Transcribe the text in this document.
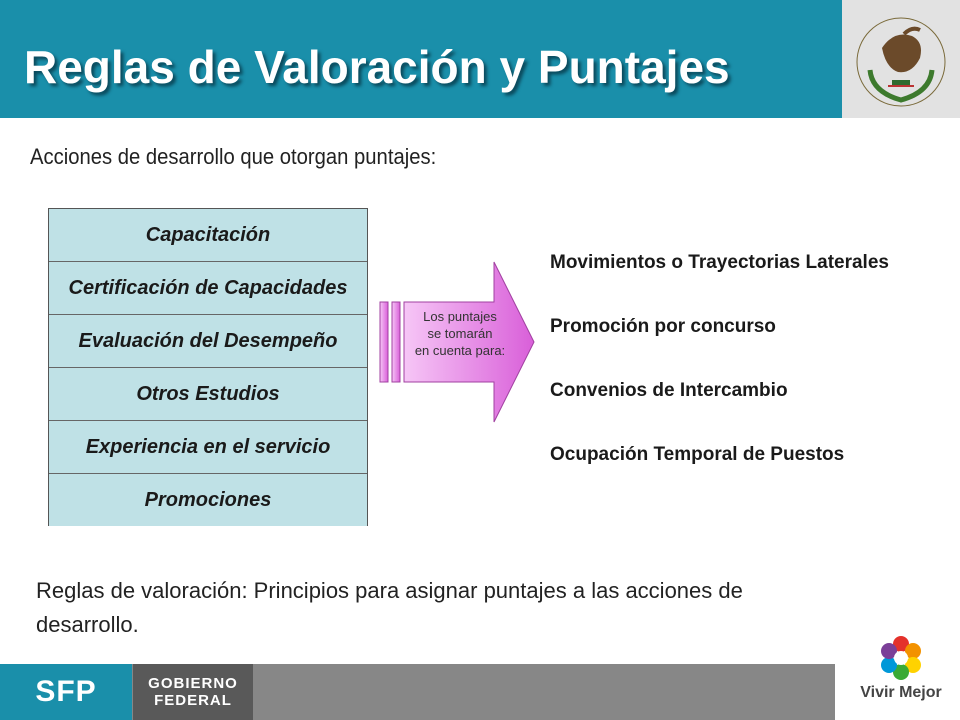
Reglas de Valoración y Puntajes
Acciones de desarrollo que otorgan puntajes:
Capacitación
Certificación de Capacidades
Evaluación del Desempeño
Otros Estudios
Experiencia en el servicio
Promociones
Los puntajes
se tomarán
en cuenta para:
Movimientos o Trayectorias Laterales
Promoción por concurso
Convenios de Intercambio
Ocupación Temporal de Puestos
Reglas de valoración: Principios para asignar puntajes a las acciones de desarrollo.
SFP	GOBIERNO
FEDERAL	Vivir Mejor
